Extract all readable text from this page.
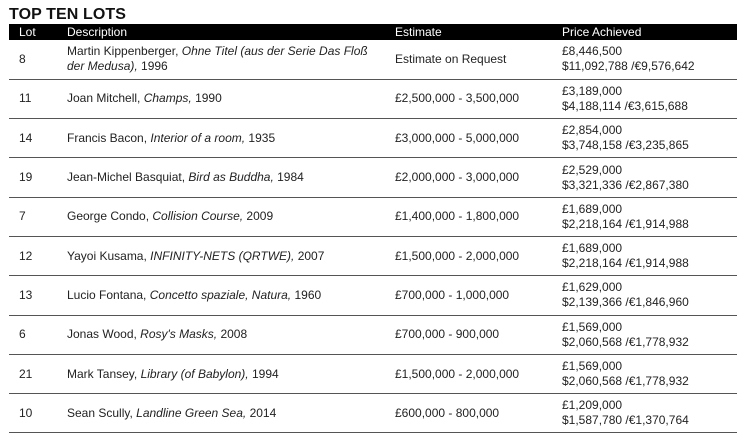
TOP TEN LOTS
Lot	Description	Estimate	Price Achieved
8	Martin Kippenberger, Ohne Titel (aus der Serie Das Floß der Medusa), 1996	Estimate on Request	£8,446,500
$11,092,788 /€9,576,642

11	Joan Mitchell, Champs, 1990	£2,500,000 - 3,500,000	£3,189,000
$4,188,114 /€3,615,688

14	Francis Bacon, Interior of a room, 1935	£3,000,000 - 5,000,000	£2,854,000
$3,748,158 /€3,235,865

19	Jean-Michel Basquiat, Bird as Buddha, 1984	£2,000,000 - 3,000,000	£2,529,000
$3,321,336 /€2,867,380

7	George Condo, Collision Course, 2009	£1,400,000 - 1,800,000	£1,689,000
$2,218,164 /€1,914,988

12	Yayoi Kusama, INFINITY-NETS (QRTWE), 2007	£1,500,000 - 2,000,000	£1,689,000
$2,218,164 /€1,914,988

13	Lucio Fontana, Concetto spaziale, Natura, 1960	£700,000 - 1,000,000	£1,629,000
$2,139,366 /€1,846,960

6	Jonas Wood, Rosy's Masks, 2008	£700,000 - 900,000	£1,569,000
$2,060,568 /€1,778,932

21	Mark Tansey, Library (of Babylon), 1994	£1,500,000 - 2,000,000	£1,569,000
$2,060,568 /€1,778,932

10	Sean Scully, Landline Green Sea, 2014	£600,000 - 800,000	£1,209,000
$1,587,780 /€1,370,764
